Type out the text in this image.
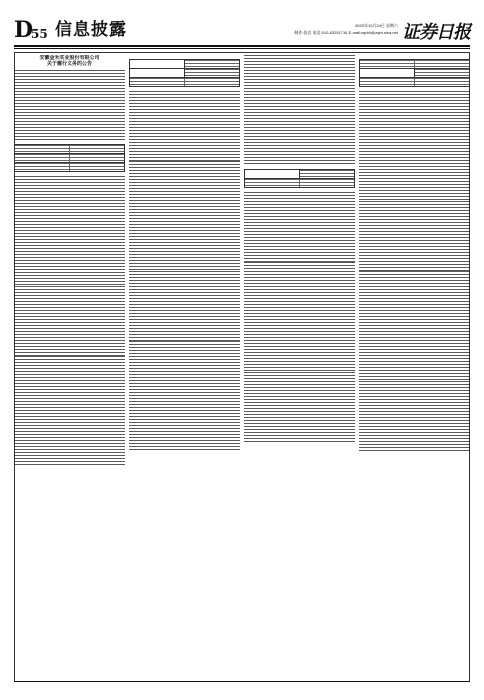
D
55 信息披露	2020年10月24日 星期六
制作:张岩 电话:010-83251716 E-mail:zqrb9@zqrb.sina.net 证券日报
安徽金禾实业股份有限公司
关于履行义务的公告
